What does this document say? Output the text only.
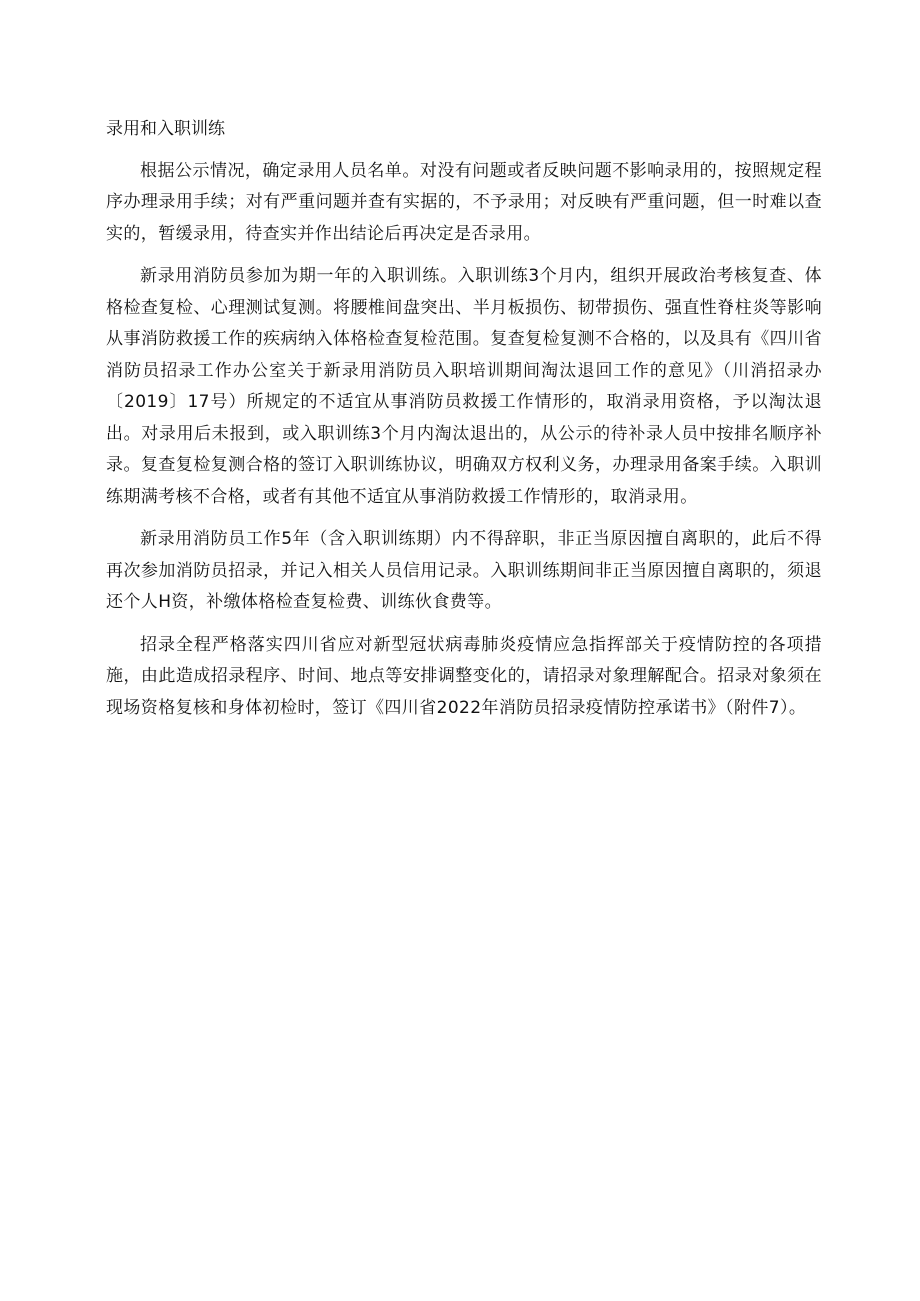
录用和入职训练

根据公示情况，确定录用人员名单。对没有问题或者反映问题不影响录用的，按照规定程序办理录用手续；对有严重问题并查有实据的，不予录用；对反映有严重问题，但一时难以查实的，暂缓录用，待查实并作出结论后再决定是否录用。

新录用消防员参加为期一年的入职训练。入职训练3个月内，组织开展政治考核复查、体格检查复检、心理测试复测。将腰椎间盘突出、半月板损伤、韧带损伤、强直性脊柱炎等影响从事消防救援工作的疾病纳入体格检查复检范围。复查复检复测不合格的，以及具有《四川省消防员招录工作办公室关于新录用消防员入职培训期间淘汰退回工作的意见》（川消招录办〔2019〕17号）所规定的不适宜从事消防员救援工作情形的，取消录用资格，予以淘汰退出。对录用后未报到，或入职训练3个月内淘汰退出的，从公示的待补录人员中按排名顺序补录。复查复检复测合格的签订入职训练协议，明确双方权利义务，办理录用备案手续。入职训练期满考核不合格，或者有其他不适宜从事消防救援工作情形的，取消录用。

新录用消防员工作5年（含入职训练期）内不得辞职，非正当原因擅自离职的，此后不得再次参加消防员招录，并记入相关人员信用记录。入职训练期间非正当原因擅自离职的，须退还个人H资，补缴体格检查复检费、训练伙食费等。

招录全程严格落实四川省应对新型冠状病毒肺炎疫情应急指挥部关于疫情防控的各项措施，由此造成招录程序、时间、地点等安排调整变化的，请招录对象理解配合。招录对象须在现场资格复核和身体初检时，签订《四川省2022年消防员招录疫情防控承诺书》（附件7）。
